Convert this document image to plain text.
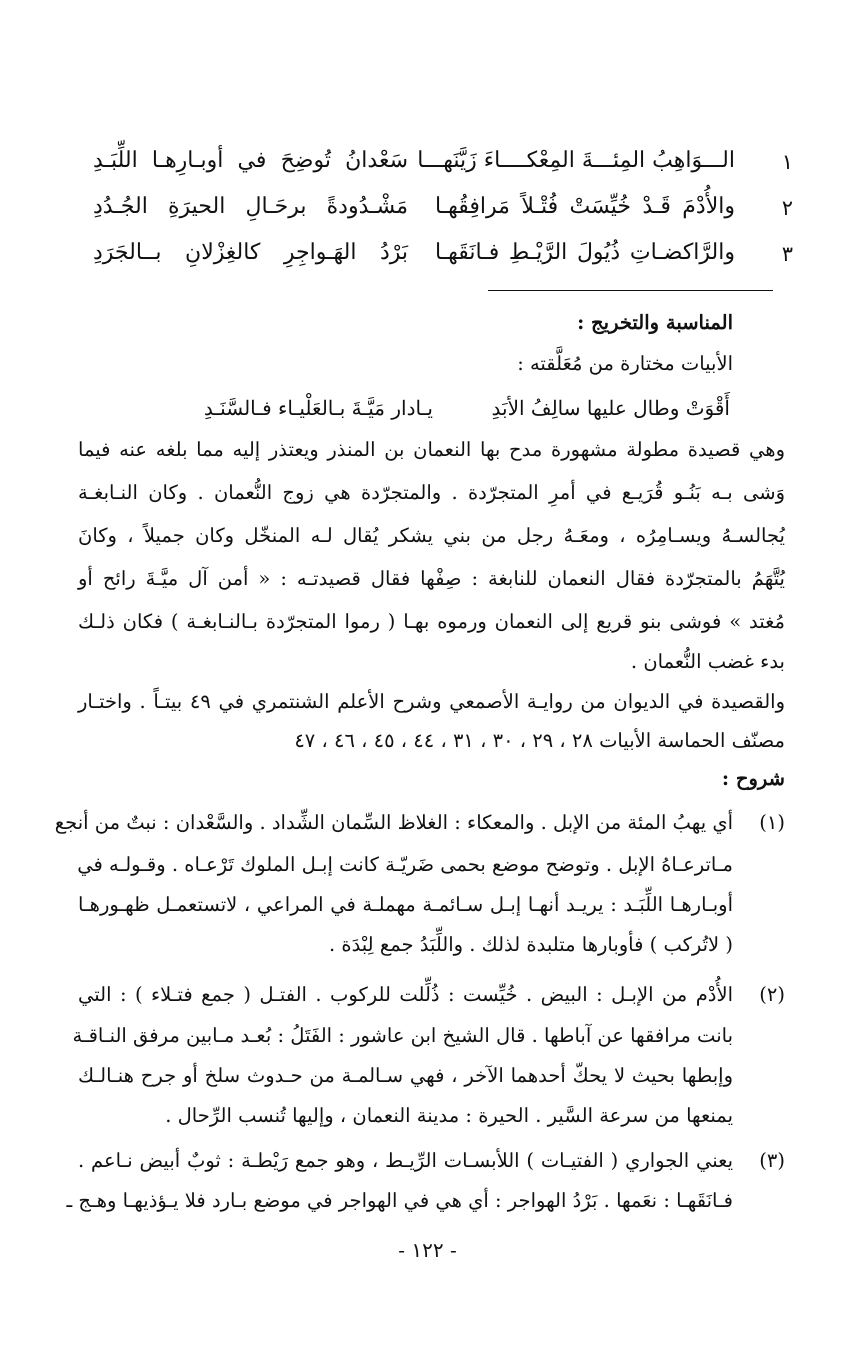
١
الـــوَاهِبُ المِئـــةَ المِعْكــــاءَ زَيَّنَهـــا
سَعْدانُ تُوضِحَ في أوبـارِهـا اللِّبَـدِ
٢
والأُدْمَ قَـدْ خُيِّسَتْ فُتْـلاً مَرافِقُهـا
مَشْـدُودةً برحَـالِ الحيرَةِ الجُـدُدِ
٣
والرَّاكضـاتِ ذُيُولَ الرَّيْـطِ فـانَقَهـا
بَرْدُ الهَـواجِرِ كالغِزْلانِ بــالجَرَدِ
المناسبة والتخريج :
الأبيات مختارة من مُعَلَّقته :
يـادار مَيَّـةَ بـالعَلْيـاء فـالسَّنَـدِ	أَقْوَتْ وطال عليها سالِفُ الأبَدِ
وهي قصيدة مطولة مشهورة مدح بها النعمان بن المنذر ويعتذر إليه مما بلغه عنه فيما
وَشى بـه بَنُـو قُرَيـع في أمرِ المتجرّدة . والمتجرّدة هي زوج النُّعمان . وكان النـابغـة
يُجالسـهُ ويسـامِرُه ، ومعَـهُ رجل من بني يشكر يُقال لـه المنخّل وكان جميلاً ، وكانَ
يُتَّهَمُ بالمتجرّدة فقال النعمان للنابغة : صِفْها فقال قصيدتـه : « أمن آل ميَّـةَ رائح أو
مُغتد » فوشى بنو قريع إلى النعمان ورموه بهـا ( رموا المتجرّدة بـالنـابغـة ) فكان ذلـك
بدء غضب النُّعمان .
والقصيدة في الديوان من روايـة الأصمعي وشرح الأعلم الشنتمري في ٤٩ بيتـاً . واختـار
مصنّف الحماسة الأبيات ٢٨ ، ٢٩ ، ٣٠ ، ٣١ ، ٤٤ ، ٤٥ ، ٤٦ ، ٤٧
شروح :
(١)
أي يهبُ المئة من الإبل . والمعكاء : الغلاظ السِّمان الشِّداد . والسَّعْدان : نبتٌ من أنجع
مـاترعـاهُ الإبل . وتوضح موضع بحمى ضَريّـة كانت إبـل الملوك تَرْعـاه . وقـولـه في
أوبـارهـا اللِّبَـد : يريـد أنهـا إبـل سـائمـة مهملـة في المراعي ، لاتستعمـل ظهـورهـا
( لاتُركب ) فأوبارها متلبدة لذلك . واللِّبَدُ جمع لِبْدَة .
(٢)
الأُدْم من الإبـل : البيض . خُيِّست : ذُلِّلت للركوب . الفتـل ( جمع فتـلاء ) : التي
بانت مرافقها عن آباطها . قال الشيخ ابن عاشور : الفَتَلُ : بُعـد مـابين مرفق النـاقـة
وإبطها بحيث لا يحكّ أحدهما الآخر ، فهي سـالمـة من حـدوث سلخ أو جرح هنـالـك
يمنعها من سرعة السَّير . الحيرة : مدينة النعمان ، وإليها تُنسب الرِّحال .
(٣)
يعني الجواري ( الفتيـات ) اللأبسـات الرِّيـط ، وهو جمع رَيْطـة : ثوبٌ أبيض نـاعم .
فـانَقَهـا : نعَمها . بَرْدُ الهواجر : أي هي في الهواجر في موضع بـارد فلا يـؤذيهـا وهـج ـ
- ١٢٢ -
